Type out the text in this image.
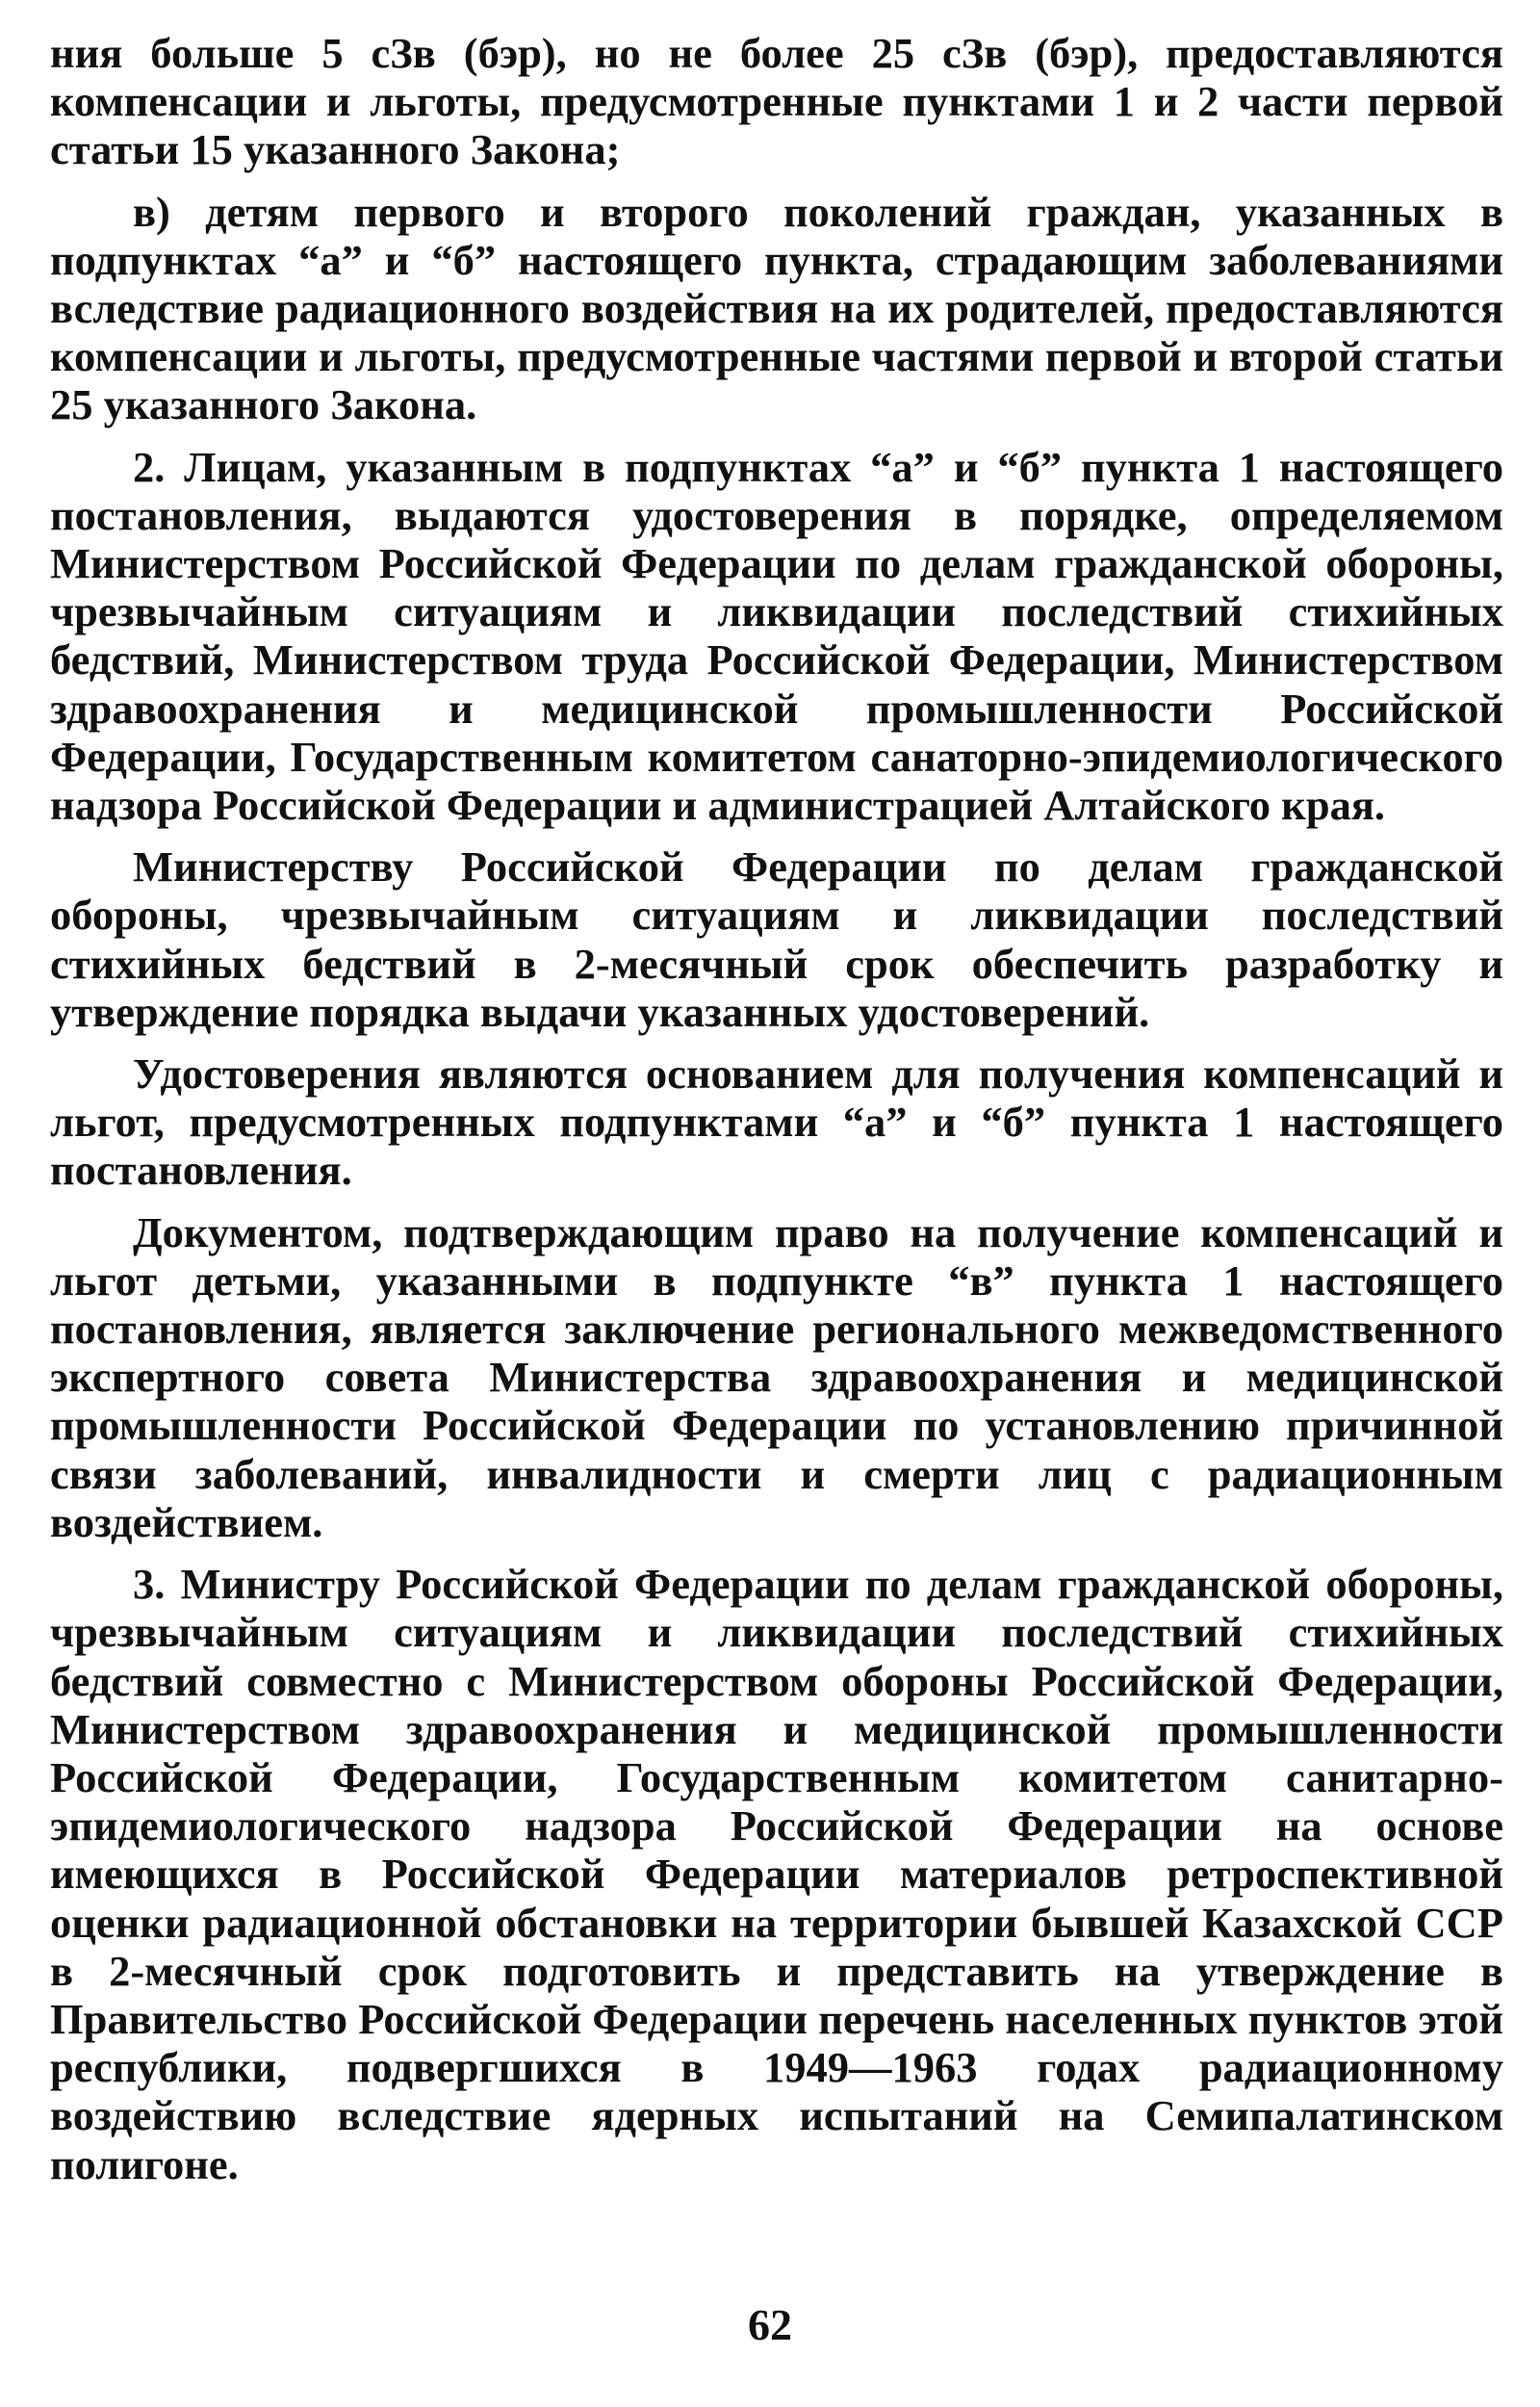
ния больше 5 сЗв (бэр), но не более 25 сЗв (бэр), предоставляются компенсации и льготы, предусмотренные пунктами 1 и 2 части первой статьи 15 указанного Закона;

в) детям первого и второго поколений граждан, указанных в подпунктах “а” и “б” настоящего пункта, страдающим заболеваниями вследствие радиационного воздействия на их родителей, предоставляются компенсации и льготы, предусмотренные частями первой и второй статьи 25 указанного Закона.

2. Лицам, указанным в подпунктах “а” и “б” пункта 1 настоящего постановления, выдаются удостоверения в порядке, определяемом Министерством Российской Федерации по делам гражданской обороны, чрезвычайным ситуациям и ликвидации последствий стихийных бедствий, Министерством труда Российской Федерации, Министерством здравоохранения и медицинской промышленности Российской Федерации, Государственным комитетом санаторно-эпидемиологического надзора Российской Федерации и администрацией Алтайского края.

Министерству Российской Федерации по делам гражданской обороны, чрезвычайным ситуациям и ликвидации последствий стихийных бедствий в 2-месячный срок обеспечить разработку и утверждение порядка выдачи указанных удостоверений.

Удостоверения являются основанием для получения компенсаций и льгот, предусмотренных подпунктами “а” и “б” пункта 1 настоящего постановления.

Документом, подтверждающим право на получение компенсаций и льгот детьми, указанными в подпункте “в” пункта 1 настоящего постановления, является заключение регионального межведомственного экспертного совета Министерства здравоохранения и медицинской промышленности Российской Федерации по установлению причинной связи заболеваний, инвалидности и смерти лиц с радиационным воздействием.

3. Министру Российской Федерации по делам гражданской обороны, чрезвычайным ситуациям и ликвидации последствий стихийных бедствий совместно с Министерством обороны Российской Федерации, Министерством здравоохранения и медицинской промышленности Российской Федерации, Государственным комитетом санитарно-эпидемиологического надзора Российской Федерации на основе имеющихся в Российской Федерации материалов ретроспективной оценки радиационной обстановки на территории бывшей Казахской ССР в 2-месячный срок подготовить и представить на утверждение в Правительство Российской Федерации перечень населенных пунктов этой республики, подвергшихся в 1949—1963 годах радиационному воздействию вследствие ядерных испытаний на Семипалатинском полигоне.

62
